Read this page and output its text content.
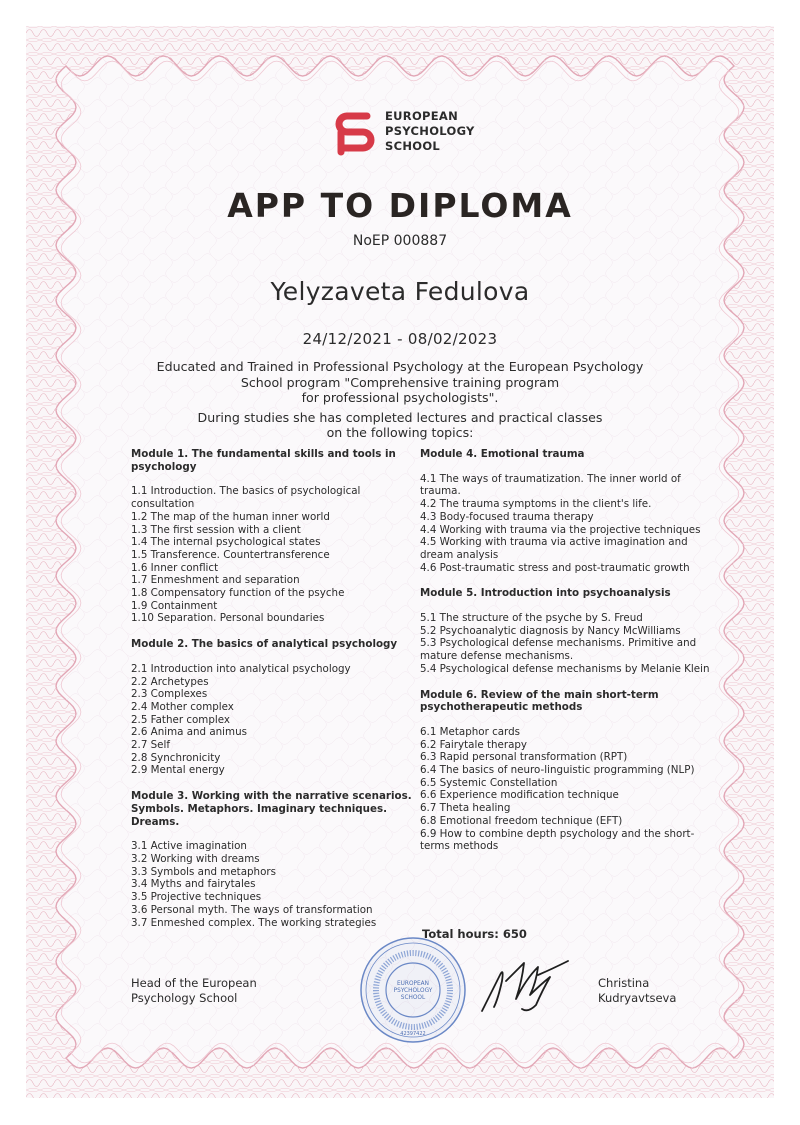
EUROPEAN
PSYCHOLOGY
SCHOOL
APP TO DIPLOMA
NoEP 000887
Yelyzaveta Fedulova
24/12/2021 - 08/02/2023

Educated and Trained in Professional Psychology at the European Psychology

School program "Comprehensive training program

for professional psychologists".

During studies she has completed lectures and practical classes

on the following topics:

Module 1. The fundamental skills and tools in psychology
1.1 Introduction. The basics of psychological consultation
1.2 The map of the human inner world
1.3 The first session with a client
1.4 The internal psychological states
1.5 Transference. Countertransference
1.6 Inner conflict
1.7 Enmeshment and separation
1.8 Compensatory function of the psyche
1.9 Containment
1.10 Separation. Personal boundaries
Module 2. The basics of analytical psychology
2.1 Introduction into analytical psychology
2.2 Archetypes
2.3 Complexes
2.4 Mother complex
2.5 Father complex
2.6 Anima and animus
2.7 Self
2.8 Synchronicity
2.9 Mental energy
Module 3. Working with the narrative scenarios. Symbols. Metaphors. Imaginary techniques. Dreams.
3.1 Active imagination
3.2 Working with dreams
3.3 Symbols and metaphors
3.4 Myths and fairytales
3.5 Projective techniques
3.6 Personal myth. The ways of transformation
3.7 Enmeshed complex. The working strategies
Module 4. Emotional trauma
4.1 The ways of traumatization. The inner world of trauma.
4.2 The trauma symptoms in the client's life.
4.3 Body-focused trauma therapy
4.4 Working with trauma via the projective techniques
4.5 Working with trauma via active imagination and dream analysis
4.6 Post-traumatic stress and post-traumatic growth
Module 5. Introduction into psychoanalysis
5.1 The structure of the psyche by S. Freud
5.2 Psychoanalytic diagnosis by Nancy McWilliams
5.3 Psychological defense mechanisms. Primitive and mature defense mechanisms.
5.4 Psychological defense mechanisms by Melanie Klein
Module 6. Review of the main short-term psychotherapeutic methods
6.1 Metaphor cards
6.2 Fairytale therapy
6.3 Rapid personal transformation (RPT)
6.4 The basics of neuro-linguistic programming (NLP)
6.5 Systemic Constellation
6.6 Experience modification technique
6.7 Theta healing
6.8 Emotional freedom technique (EFT)
6.9 How to combine depth psychology and the short-terms methods
Total hours: 650
Head of the European
Psychology School
EUROPEAN
PSYCHOLOGY
SCHOOL
42397422
Christina
Kudryavtseva
